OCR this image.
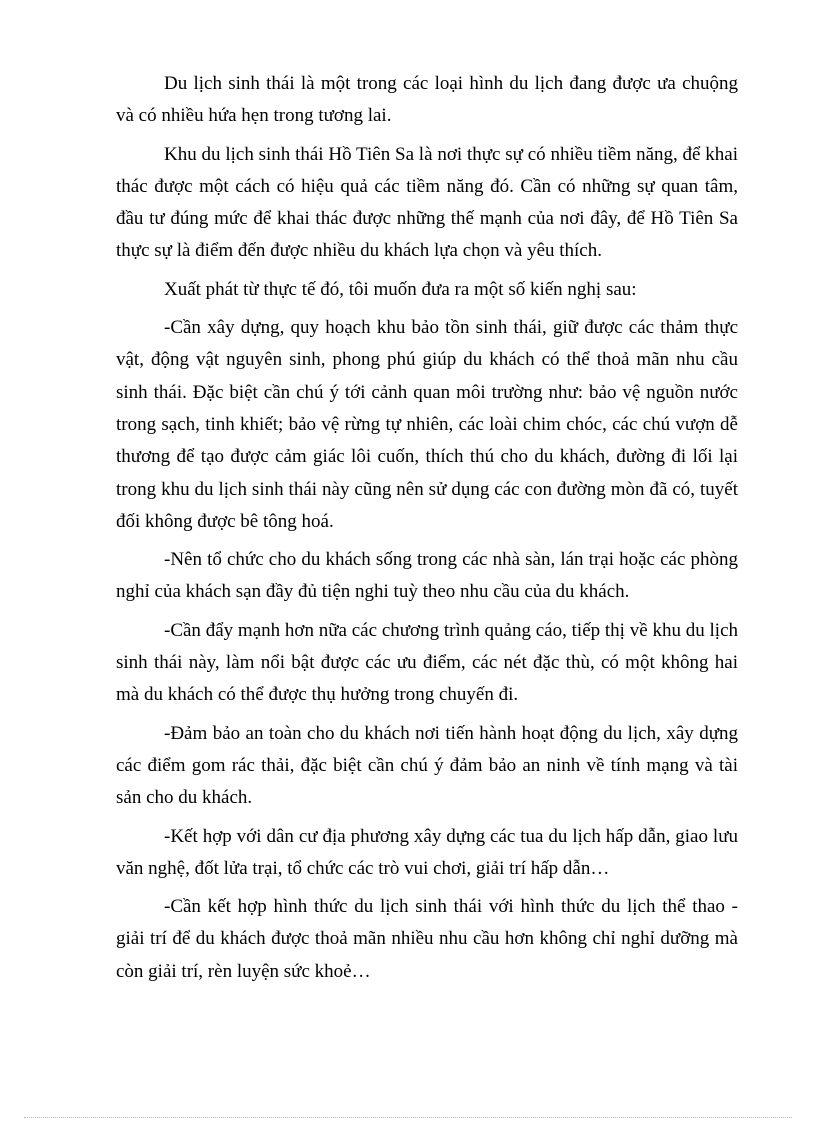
Du lịch sinh thái là một trong các loại hình du lịch đang được ưa chuộng và có nhiều hứa hẹn trong tương lai.

Khu du lịch sinh thái Hồ Tiên Sa là nơi thực sự có nhiều tiềm năng, để khai thác được một cách có hiệu quả các tiềm năng đó. Cần có những sự quan tâm, đầu tư đúng mức để khai thác được những thế mạnh của nơi đây, để Hồ Tiên Sa thực sự là điểm đến được nhiều du khách lựa chọn và yêu thích.

Xuất phát từ thực tế đó, tôi muốn đưa ra một số kiến nghị sau:

-Cần xây dựng, quy hoạch khu bảo tồn sinh thái, giữ được các thảm thực vật, động vật nguyên sinh, phong phú giúp du khách có thể thoả mãn nhu cầu sinh thái. Đặc biệt cần chú ý tới cảnh quan môi trường như: bảo vệ nguồn nước trong sạch, tinh khiết; bảo vệ rừng tự nhiên, các loài chim chóc, các chú vượn dễ thương để tạo được cảm giác lôi cuốn, thích thú cho du khách, đường đi lối lại trong khu du lịch sinh thái này cũng nên sử dụng các con đường mòn đã có, tuyết đối không được bê tông hoá.

-Nên tổ chức cho du khách sống trong các nhà sàn, lán trại hoặc các phòng nghỉ của khách sạn đầy đủ tiện nghi tuỳ theo nhu cầu của du khách.

-Cần đẩy mạnh hơn nữa các chương trình quảng cáo, tiếp thị về khu du lịch sinh thái này, làm nổi bật được các ưu điểm, các nét đặc thù, có một không hai mà du khách có thể được thụ hưởng trong chuyến đi.

-Đảm bảo an toàn cho du khách nơi tiến hành hoạt động du lịch, xây dựng các điểm gom rác thải, đặc biệt cần chú ý đảm bảo an ninh về tính mạng và tài sản cho du khách.

-Kết hợp với dân cư địa phương xây dựng các tua du lịch hấp dẫn, giao lưu văn nghệ, đốt lửa trại, tổ chức các trò vui chơi, giải trí hấp dẫn…

-Cần kết hợp hình thức du lịch sinh thái với hình thức du lịch thể thao - giải trí để du khách được thoả mãn nhiều nhu cầu hơn không chỉ nghỉ dưỡng mà còn giải trí, rèn luyện sức khoẻ…
